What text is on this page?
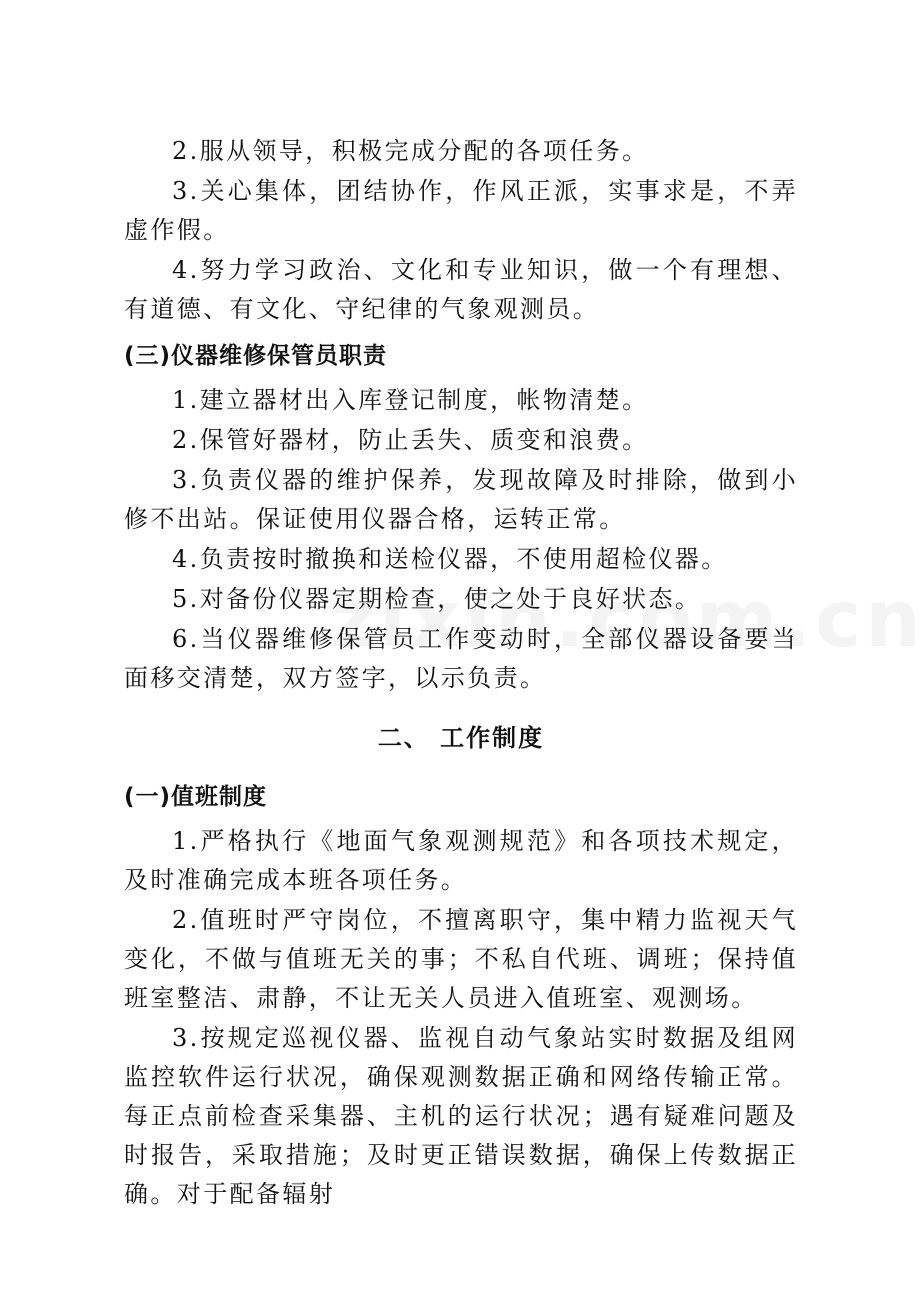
2.服从领导，积极完成分配的各项任务。

3.关心集体，团结协作，作风正派，实事求是，不弄虚作假。

4.努力学习政治、文化和专业知识，做一个有理想、有道德、有文化、守纪律的气象观测员。

(三)仪器维修保管员职责

1.建立器材出入库登记制度，帐物清楚。

2.保管好器材，防止丢失、质变和浪费。

3.负责仪器的维护保养，发现故障及时排除，做到小修不出站。保证使用仪器合格，运转正常。

4.负责按时撤换和送检仪器，不使用超检仪器。

5.对备份仪器定期检查，使之处于良好状态。

6.当仪器维修保管员工作变动时，全部仪器设备要当面移交清楚，双方签字，以示负责。

二、 工作制度
(一)值班制度

1.严格执行《地面气象观测规范》和各项技术规定，及时准确完成本班各项任务。

2.值班时严守岗位，不擅离职守，集中精力监视天气变化，不做与值班无关的事；不私自代班、调班；保持值班室整洁、肃静，不让无关人员进入值班室、观测场。

3.按规定巡视仪器、监视自动气象站实时数据及组网监控软件运行状况，确保观测数据正确和网络传输正常。每正点前检查采集器、主机的运行状况；遇有疑难问题及时报告，采取措施；及时更正错误数据，确保上传数据正确。对于配备辐射
